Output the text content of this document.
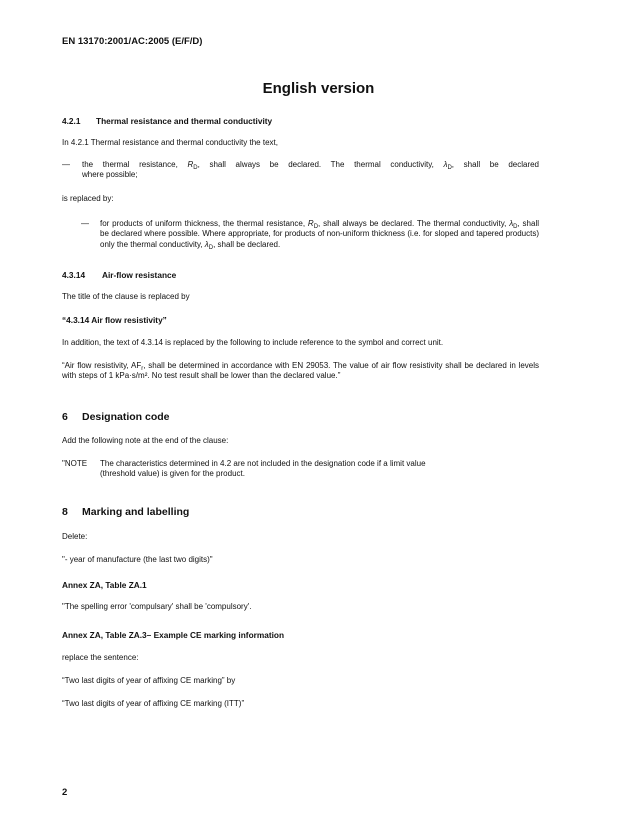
EN 13170:2001/AC:2005 (E/F/D)
English version
4.2.1 Thermal resistance and thermal conductivity
In 4.2.1 Thermal resistance and thermal conductivity the text,
— the thermal resistance, $R_D$, shall always be declared. The thermal conductivity, $\lambda_D$, shall be declared
where possible;
is replaced by:
— for products of uniform thickness, the thermal resistance, $R_D$, shall always be declared. The thermal conductivity, $\lambda_D$, shall be declared where possible. Where appropriate, for products of non-uniform thickness (i.e. for sloped and tapered products) only the thermal conductivity, $\lambda_D$, shall be declared.
4.3.14 Air-flow resistance
The title of the clause is replaced by
“4.3.14 Air flow resistivity”
In addition, the text of 4.3.14 is replaced by the following to include reference to the symbol and correct unit.
“Air flow resistivity, $AF_r$, shall be determined in accordance with EN 29053. The value of air flow resistivity shall be declared in levels with steps of 1 kPa·s/m². No test result shall be lower than the declared value.”
6 Designation code
Add the following note at the end of the clause:
"NOTE The characteristics determined in 4.2 are not included in the designation code if a limit value
(threshold value) is given for the product.
8 Marking and labelling
Delete:
"- year of manufacture (the last two digits)"
Annex ZA, Table ZA.1
"The spelling error 'compulsary' shall be 'compulsory'.
Annex ZA, Table ZA.3– Example CE marking information
replace the sentence:
“Two last digits of year of affixing CE marking” by
“Two last digits of year of affixing CE marking (ITT)”
2
